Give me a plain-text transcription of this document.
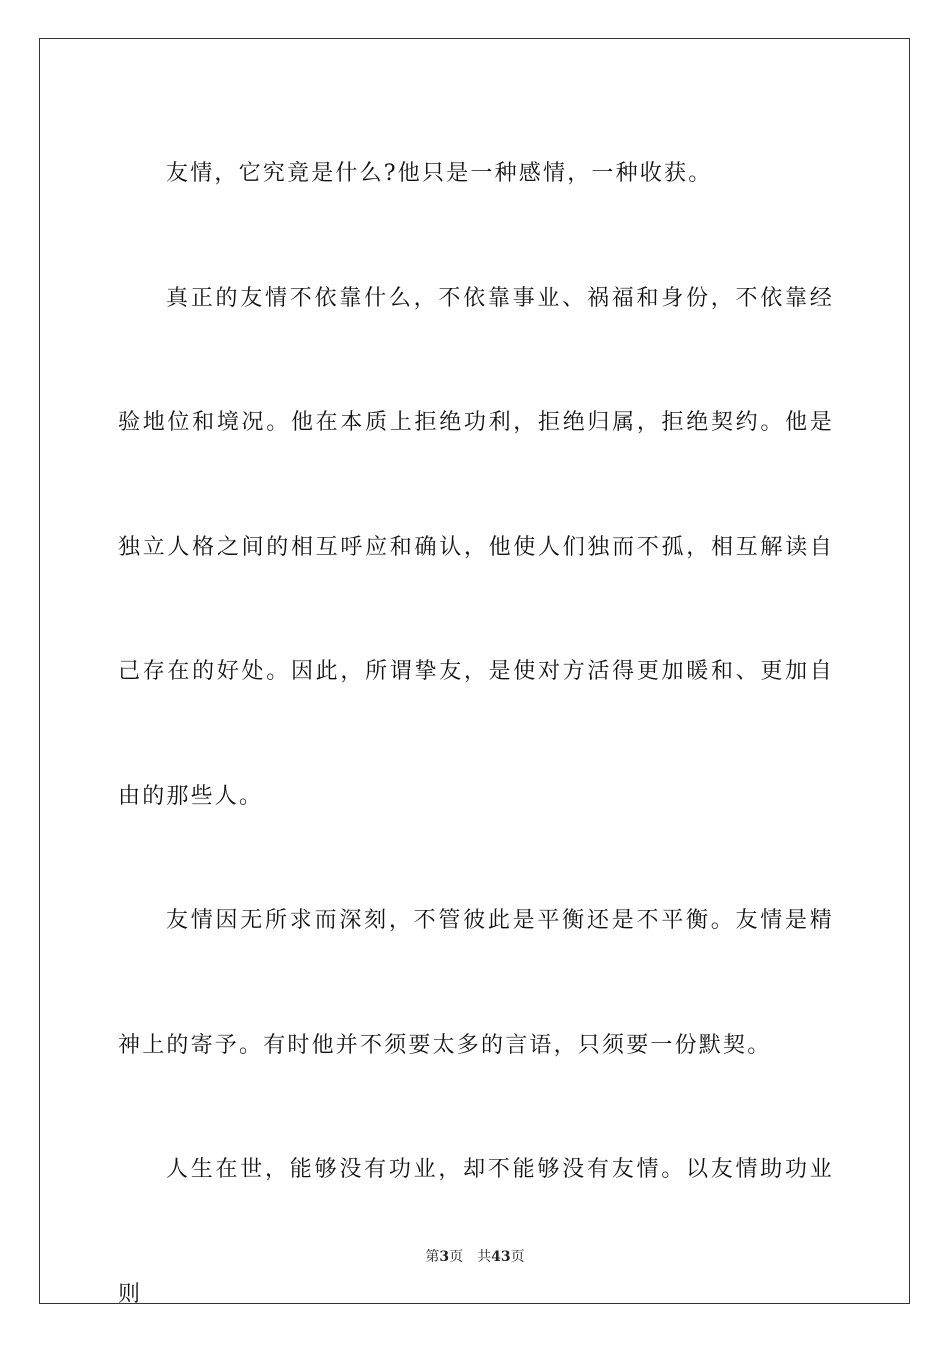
友情，它究竟是什么?他只是一种感情，一种收获。

真正的友情不依靠什么，不依靠事业、祸福和身份，不依靠经验地位和境况。他在本质上拒绝功利，拒绝归属，拒绝契约。他是独立人格之间的相互呼应和确认，他使人们独而不孤，相互解读自己存在的好处。因此，所谓挚友，是使对方活得更加暖和、更加自由的那些人。

友情因无所求而深刻，不管彼此是平衡还是不平衡。友情是精神上的寄予。有时他并不须要太多的言语，只须要一份默契。

人生在世，能够没有功业，却不能够没有友情。以友情助功业则

第3页 共43页
